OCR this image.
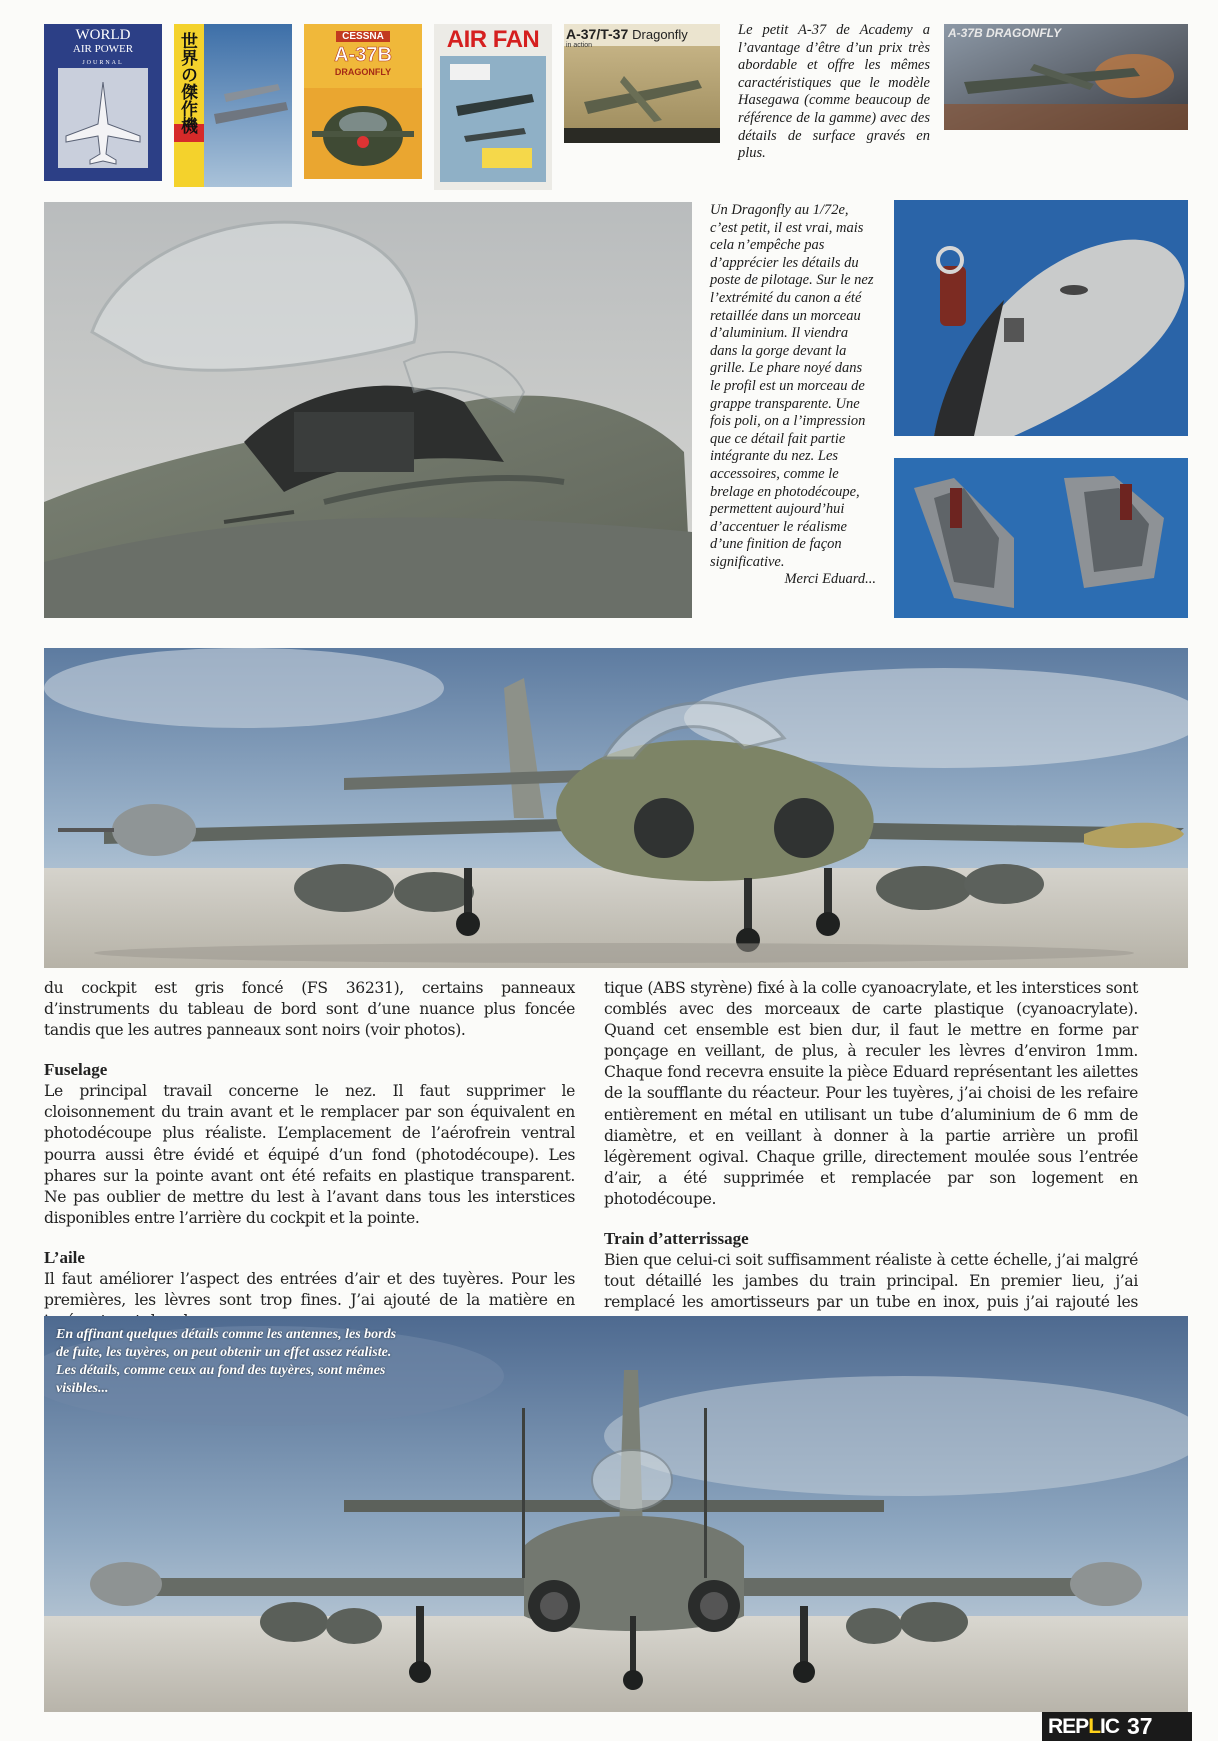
WORLD
AIR POWER
JOURNAL	世界の傑作機	CESSNA
A-37B
DRAGONFLY
AIR FAN	A-37/T-37 Dragonfly
in action
A-37B DRAGONFLY

Le petit A-37 de Academy a l’avantage d’être d’un prix très abordable et offre les mêmes caractéristiques que le modèle Hasegawa (comme beaucoup de référence de la gamme) avec des détails de surface gravés en plus.

Un Dragonfly au 1/72e, c’est petit, il est vrai, mais cela n’empêche pas d’apprécier les détails du poste de pilotage. Sur le nez l’extrémité du canon a été retaillée dans un morceau d’aluminium. Il viendra dans la gorge devant la grille. Le phare noyé dans le profil est un morceau de grappe transparente. Une fois poli, on a l’impression que ce détail fait partie intégrante du nez. Les accessoires, comme le brelage en photodécoupe, permettent aujourd’hui d’accentuer le réalisme d’une finition de façon significative.

Merci Eduard...

du cockpit est gris foncé (FS 36231), certains panneaux d’instruments du tableau de bord sont d’une nuance plus foncée tandis que les autres panneaux sont noirs (voir photos).

Fuselage

Le principal travail concerne le nez. Il faut supprimer le cloisonnement du train avant et le remplacer par son équivalent en photodécoupe plus réaliste. L’emplacement de l’aérofrein ventral pourra aussi être évidé et équipé d’un fond (photodécoupe). Les phares sur la pointe avant ont été refaits en plastique transparent. Ne pas oublier de mettre du lest à l’avant dans tous les interstices disponibles entre l’arrière du cockpit et la pointe.

L’aile

Il faut améliorer l’aspect des entrées d’air et des tuyères. Pour les premières, les lèvres sont trop fines. J’ai ajouté de la matière en

tique (ABS styrène) fixé à la colle cyanoacrylate, et les interstices sont comblés avec des morceaux de carte plastique (cyanoacrylate). Quand cet ensemble est bien dur, il faut le mettre en forme par ponçage en veillant, de plus, à reculer les lèvres d’environ 1mm. Chaque fond recevra ensuite la pièce Eduard représentant les ailettes de la soufflante du réacteur. Pour les tuyères, j’ai choisi de les refaire entièrement en métal en utilisant un tube d’aluminium de 6 mm de diamètre, et en veillant à donner à la partie arrière un profil légèrement ogival. Chaque grille, directement moulée sous l’entrée d’air, a été supprimée et remplacée par son logement en photodécoupe.

Train d’atterrissage

Bien que celui-ci soit suffisamment réaliste à cette échelle, j’ai malgré tout détaillé les jambes du train principal. En premier lieu, j’ai remplacé les amortisseurs par un tube en inox, puis j’ai rajouté les

En affinant quelques détails comme les antennes, les bords de fuite, les tuyères, on peut obtenir un effet assez réaliste. Les détails, comme ceux au fond des tuyères, sont mêmes visibles...

REPLIC 37
